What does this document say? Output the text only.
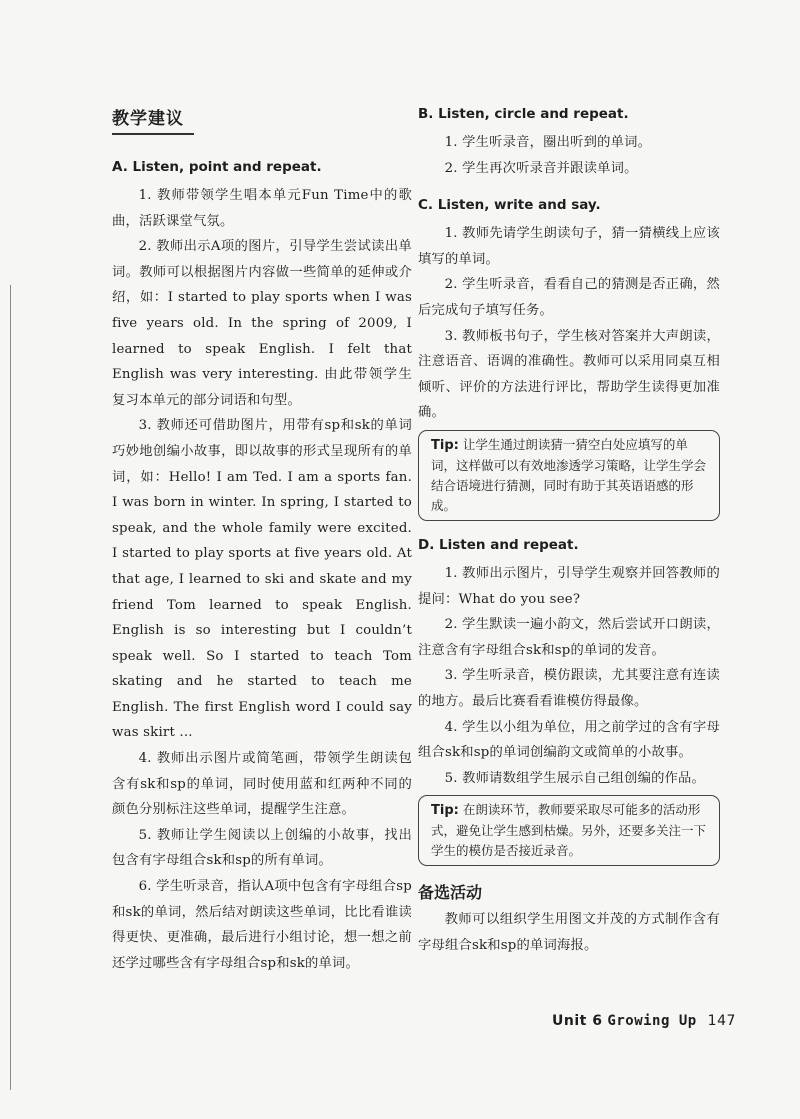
教学建议
A. Listen, point and repeat.

1. 教师带领学生唱本单元Fun Time中的歌曲，活跃课堂气氛。

2. 教师出示A项的图片，引导学生尝试读出单词。教师可以根据图片内容做一些简单的延伸或介绍，如：I started to play sports when I was five years old. In the spring of 2009, I learned to speak English. I felt that English was very interesting. 由此带领学生复习本单元的部分词语和句型。

3. 教师还可借助图片，用带有sp和sk的单词巧妙地创编小故事，即以故事的形式呈现所有的单词，如：Hello! I am Ted. I am a sports fan. I was born in winter. In spring, I started to speak, and the whole family were excited. I started to play sports at five years old. At that age, I learned to ski and skate and my friend Tom learned to speak English. English is so interesting but I couldn’t speak well. So I started to teach Tom skating and he started to teach me English. The first English word I could say was skirt ...

4. 教师出示图片或简笔画，带领学生朗读包含有sk和sp的单词，同时使用蓝和红两种不同的颜色分别标注这些单词，提醒学生注意。

5. 教师让学生阅读以上创编的小故事，找出包含有字母组合sk和sp的所有单词。

6. 学生听录音，指认A项中包含有字母组合sp 和sk的单词，然后结对朗读这些单词，比比看谁读得更快、更准确，最后进行小组讨论，想一想之前还学过哪些含有字母组合sp和sk的单词。

B. Listen, circle and repeat.

1. 学生听录音，圈出听到的单词。

2. 学生再次听录音并跟读单词。

C. Listen, write and say.

1. 教师先请学生朗读句子，猜一猜横线上应该填写的单词。

2. 学生听录音，看看自己的猜测是否正确，然后完成句子填写任务。

3. 教师板书句子，学生核对答案并大声朗读，注意语音、语调的准确性。教师可以采用同桌互相倾听、评价的方法进行评比，帮助学生读得更加准确。

Tip: 让学生通过朗读猜一猜空白处应填写的单词，这样做可以有效地渗透学习策略，让学生学会结合语境进行猜测，同时有助于其英语语感的形成。
D. Listen and repeat.

1. 教师出示图片，引导学生观察并回答教师的提问：What do you see?

2. 学生默读一遍小韵文，然后尝试开口朗读，注意含有字母组合sk和sp的单词的发音。

3. 学生听录音，模仿跟读，尤其要注意有连读的地方。最后比赛看看谁模仿得最像。

4. 学生以小组为单位，用之前学过的含有字母组合sk和sp的单词创编韵文或简单的小故事。

5. 教师请数组学生展示自己组创编的作品。

Tip: 在朗读环节，教师要采取尽可能多的活动形式，避免让学生感到枯燥。另外，还要多关注一下学生的模仿是否接近录音。
备选活动

教师可以组织学生用图文并茂的方式制作含有字母组合sk和sp的单词海报。

Unit 6 Growing Up 147
